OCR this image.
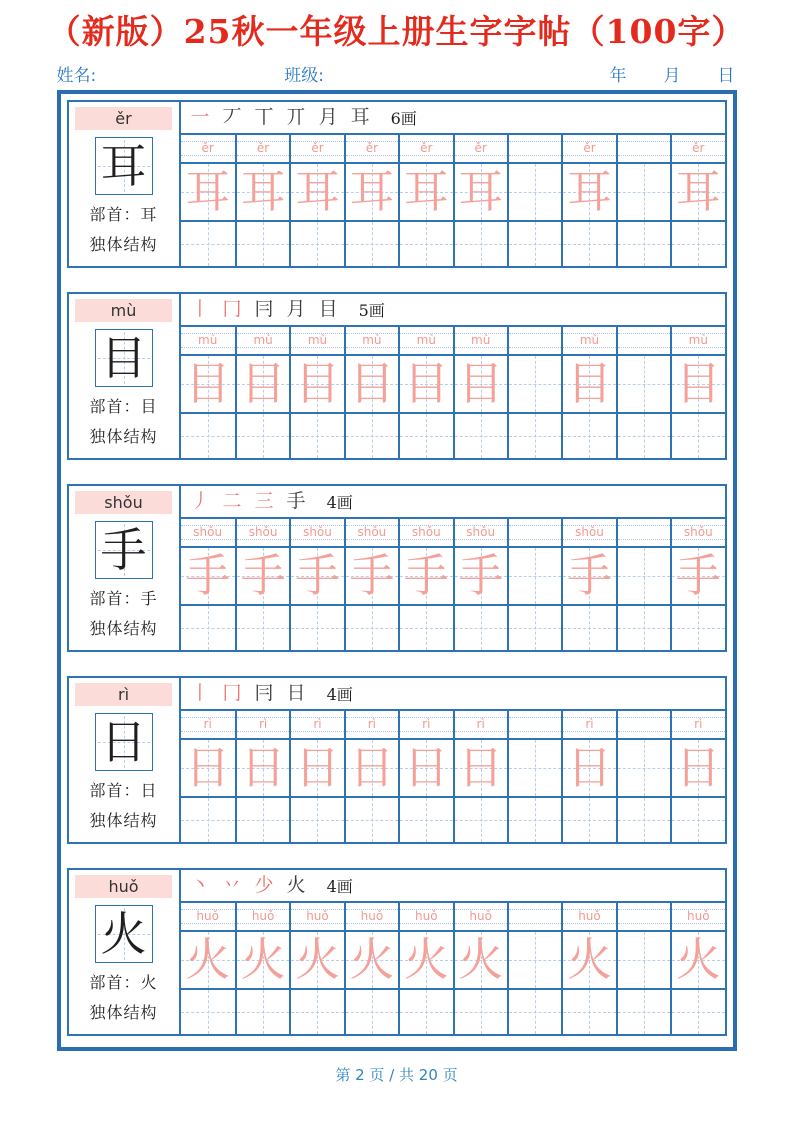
（新版）25秋一年级上册生字字帖（100字）
姓名:	班级:	年 月 日
ěr
耳
部首：耳
独体结构
一 丆 丅 丌 月 耳 6画
ěr	ěr	ěr	ěr	ěr	ěr	ěr	ěr
耳 耳 耳 耳 耳 耳 耳 耳
mù
目
部首：目
独体结构
丨 冂 冃 月 目 5画
mù	mù	mù	mù	mù	mù	mù	mù
目 目 目 目 目 目 目 目
shǒu
手
部首：手
独体结构
丿 二 三 手 4画
shǒu	shǒu	shǒu	shǒu	shǒu	shǒu	shǒu	shǒu
手 手 手 手 手 手 手 手
rì
日
部首：日
独体结构
丨 冂 冃 日 4画
rì	rì	rì	rì	rì	rì	rì	rì
日 日 日 日 日 日 日 日
huǒ
火
部首：火
独体结构
丶 丷 少 火 4画
huǒ	huǒ	huǒ	huǒ	huǒ	huǒ	huǒ	huǒ
火 火 火 火 火 火 火 火
第 2 页 / 共 20 页
